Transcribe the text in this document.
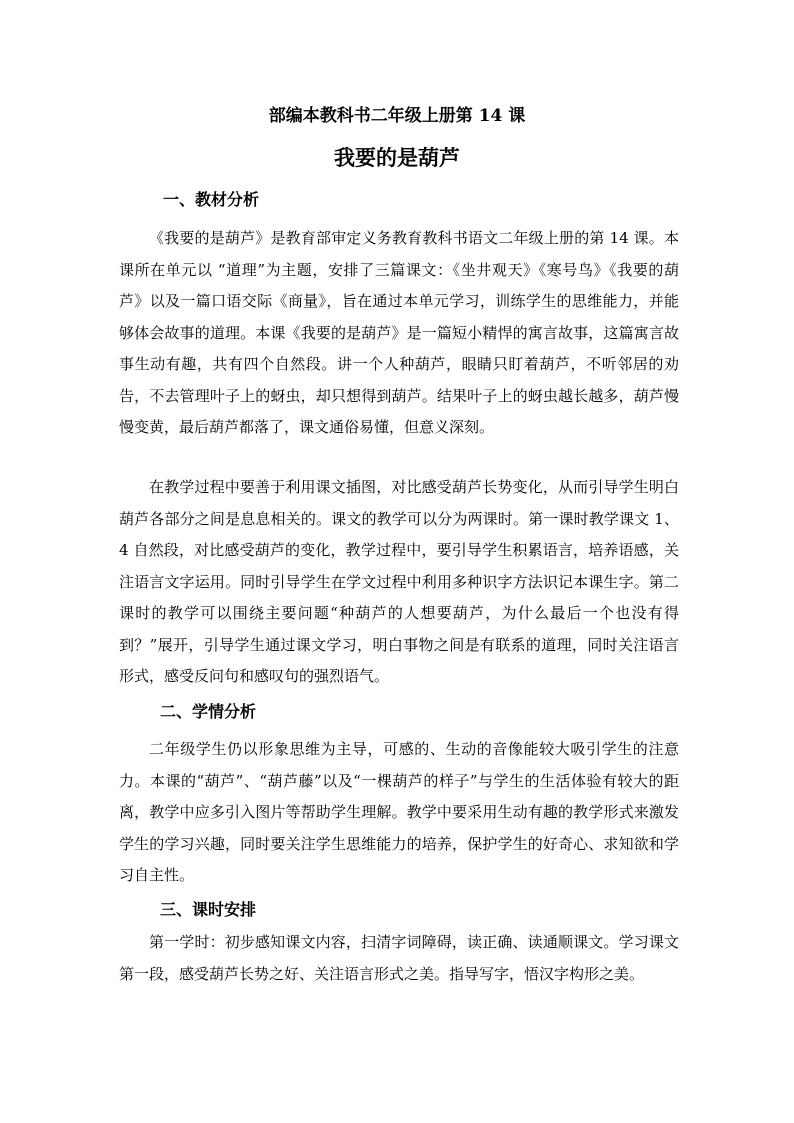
部编本教科书二年级上册第 14 课
我要的是葫芦
一、教材分析
《我要的是葫芦》是教育部审定义务教育教科书语文二年级上册的第 14 课。本课所在单元以 “道理”为主题，安排了三篇课文：《坐井观天》《寒号鸟》《我要的葫芦》以及一篇口语交际《商量》，旨在通过本单元学习，训练学生的思维能力，并能够体会故事的道理。本课《我要的是葫芦》是一篇短小精悍的寓言故事，这篇寓言故事生动有趣，共有四个自然段。讲一个人种葫芦，眼睛只盯着葫芦，不听邻居的劝告，不去管理叶子上的蚜虫，却只想得到葫芦。结果叶子上的蚜虫越长越多，葫芦慢慢变黄，最后葫芦都落了，课文通俗易懂，但意义深刻。
在教学过程中要善于利用课文插图，对比感受葫芦长势变化，从而引导学生明白葫芦各部分之间是息息相关的。课文的教学可以分为两课时。第一课时教学课文 1、4 自然段，对比感受葫芦的变化，教学过程中，要引导学生积累语言，培养语感，关注语言文字运用。同时引导学生在学文过程中利用多种识字方法识记本课生字。第二课时的教学可以围绕主要问题“种葫芦的人想要葫芦，为什么最后一个也没有得到？”展开，引导学生通过课文学习，明白事物之间是有联系的道理，同时关注语言形式，感受反问句和感叹句的强烈语气。
二、学情分析
二年级学生仍以形象思维为主导，可感的、生动的音像能较大吸引学生的注意力。本课的“葫芦”、“葫芦藤”以及“一棵葫芦的样子”与学生的生活体验有较大的距离，教学中应多引入图片等帮助学生理解。教学中要采用生动有趣的教学形式来激发学生的学习兴趣，同时要关注学生思维能力的培养，保护学生的好奇心、求知欲和学习自主性。
三、课时安排
第一学时：初步感知课文内容，扫清字词障碍，读正确、读通顺课文。学习课文第一段，感受葫芦长势之好、关注语言形式之美。指导写字，悟汉字构形之美。
